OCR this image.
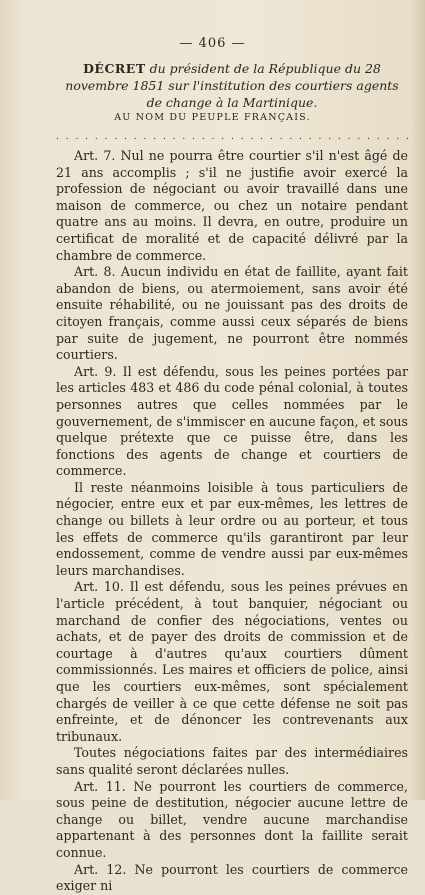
— 406 —
DÉCRET du président de la République du 28 novembre 1851 sur l'institution des courtiers agents de change à la Martinique.
AU NOM DU PEUPLE FRANÇAIS.
. . . . . . . . . . . . . . . . . . . . . . . . . . . . . . . . . . . . .

Art. 7. Nul ne pourra être courtier s'il n'est âgé de 21 ans accomplis ; s'il ne justifie avoir exercé la profession de négociant ou avoir travaillé dans une maison de commerce, ou chez un notaire pendant quatre ans au moins. Il devra, en outre, produire un certificat de moralité et de capacité délivré par la chambre de commerce.

Art. 8. Aucun individu en état de faillite, ayant fait abandon de biens, ou atermoiement, sans avoir été ensuite réhabilité, ou ne jouissant pas des droits de citoyen français, comme aussi ceux séparés de biens par suite de jugement, ne pourront être nommés courtiers.

Art. 9. Il est défendu, sous les peines portées par les articles 483 et 486 du code pénal colonial, à toutes personnes autres que celles nommées par le gouvernement, de s'immiscer en aucune façon, et sous quelque prétexte que ce puisse être, dans les fonctions des agents de change et courtiers de commerce.

Il reste néanmoins loisible à tous particuliers de négocier, entre eux et par eux-mêmes, les lettres de change ou billets à leur ordre ou au porteur, et tous les effets de commerce qu'ils garantiront par leur endossement, comme de vendre aussi par eux-mêmes leurs marchandises.

Art. 10. Il est défendu, sous les peines prévues en l'article précédent, à tout banquier, négociant ou marchand de confier des négociations, ventes ou achats, et de payer des droits de commission et de courtage à d'autres qu'aux courtiers dûment commissionnés. Les maires et officiers de police, ainsi que les courtiers eux-mêmes, sont spécialement chargés de veiller à ce que cette défense ne soit pas enfreinte, et de dénoncer les contrevenants aux tribunaux.

Toutes négociations faites par des intermédiaires sans qualité seront déclarées nulles.

Art. 11. Ne pourront les courtiers de commerce, sous peine de destitution, négocier aucune lettre de change ou billet, vendre aucune marchandise appartenant à des personnes dont la faillite serait connue.

Art. 12. Ne pourront les courtiers de commerce exiger ni
